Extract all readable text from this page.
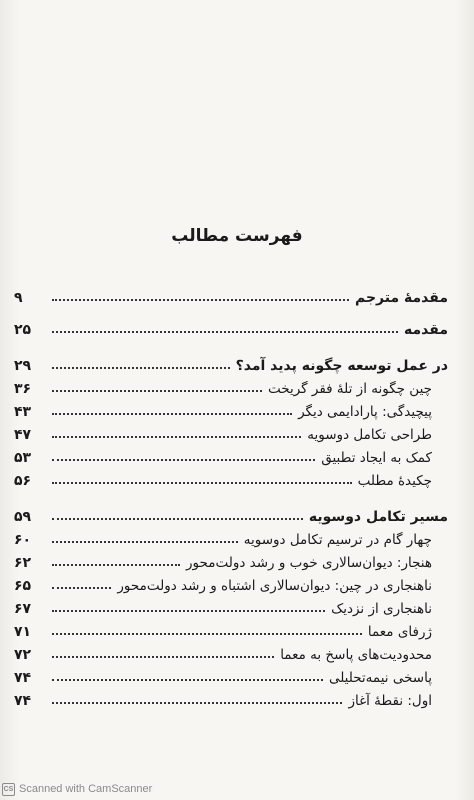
فهرست مطالب
مقدمهٔ مترجم
۹
مقدمه
۲۵
در عمل توسعه چگونه پدید آمد؟
۲۹
چین چگونه از تلهٔ فقر گریخت
۳۶
پیچیدگی: پارادایمی دیگر
۴۳
طراحی تکامل دوسویه
۴۷
کمک به ایجاد تطبیق
۵۳
چکیدهٔ مطلب
۵۶
مسیر تکامل دوسویه
۵۹
چهار گام در ترسیم تکامل دوسویه
۶۰
هنجار: دیوان‌سالاری خوب و رشد دولت‌محور
۶۲
ناهنجاری در چین: دیوان‌سالاری اشتباه و رشد دولت‌محور
۶۵
ناهنجاری از نزدیک
۶۷
ژرفای معما
۷۱
محدودیت‌های پاسخ به معما
۷۲
پاسخی نیمه‌تحلیلی
۷۴
اول: نقطهٔ آغاز
۷۴
CS Scanned with CamScanner
